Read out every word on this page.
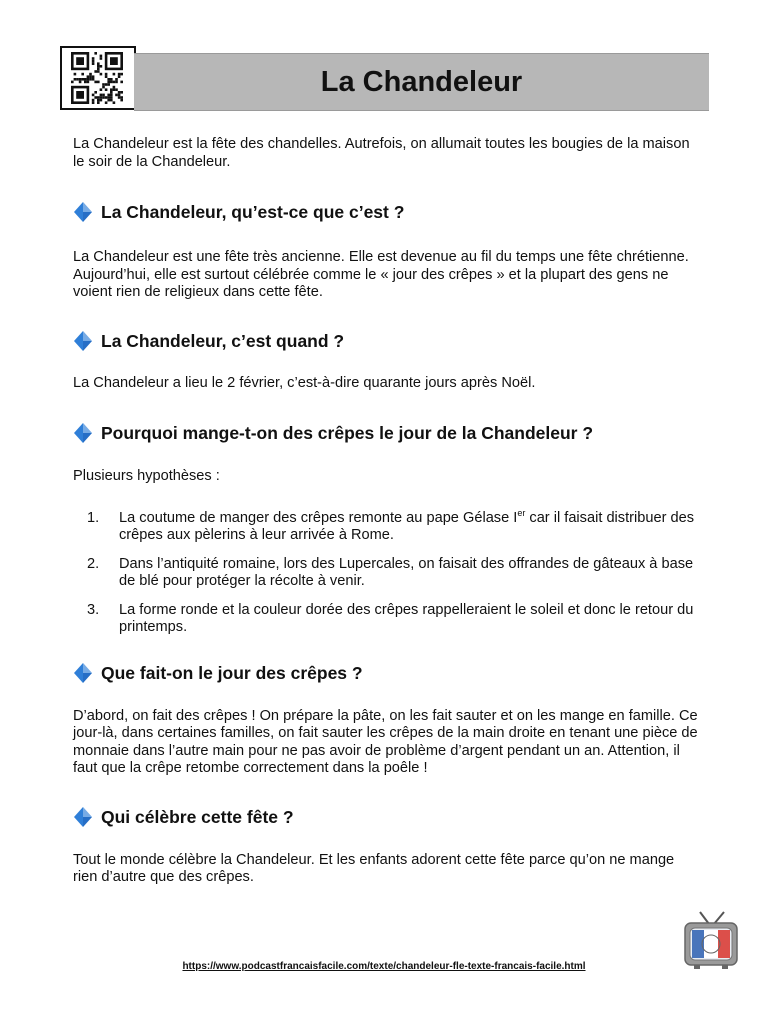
La Chandeleur

La Chandeleur est la fête des chandelles. Autrefois, on allumait toutes les bougies de la maison le soir de la Chandeleur.

La Chandeleur, qu’est-ce que c’est ?

La Chandeleur est une fête très ancienne. Elle est devenue au fil du temps une fête chrétienne. Aujourd’hui, elle est surtout célébrée comme le « jour des crêpes » et la plupart des gens ne voient rien de religieux dans cette fête.

La Chandeleur, c’est quand ?

La Chandeleur a lieu le 2 février, c’est-à-dire quarante jours après Noël.

Pourquoi mange-t-on des crêpes le jour de la Chandeleur ?

Plusieurs hypothèses :

1.	La coutume de manger des crêpes remonte au pape Gélase Ier car il faisait distribuer des crêpes aux pèlerins à leur arrivée à Rome.
2.	Dans l’antiquité romaine, lors des Lupercales, on faisait des offrandes de gâteaux à base de blé pour protéger la récolte à venir.
3.	La forme ronde et la couleur dorée des crêpes rappelleraient le soleil et donc le retour du printemps.
Que fait-on le jour des crêpes ?

D’abord, on fait des crêpes ! On prépare la pâte, on les fait sauter et on les mange en famille. Ce jour-là, dans certaines familles, on fait sauter les crêpes de la main droite en tenant une pièce de monnaie dans l’autre main pour ne pas avoir de problème d’argent pendant un an. Attention, il faut que la crêpe retombe correctement dans la poêle !

Qui célèbre cette fête ?

Tout le monde célèbre la Chandeleur. Et les enfants adorent cette fête parce qu’on ne mange rien d’autre que des crêpes.

https://www.podcastfrancaisfacile.com/texte/chandeleur-fle-texte-francais-facile.html
